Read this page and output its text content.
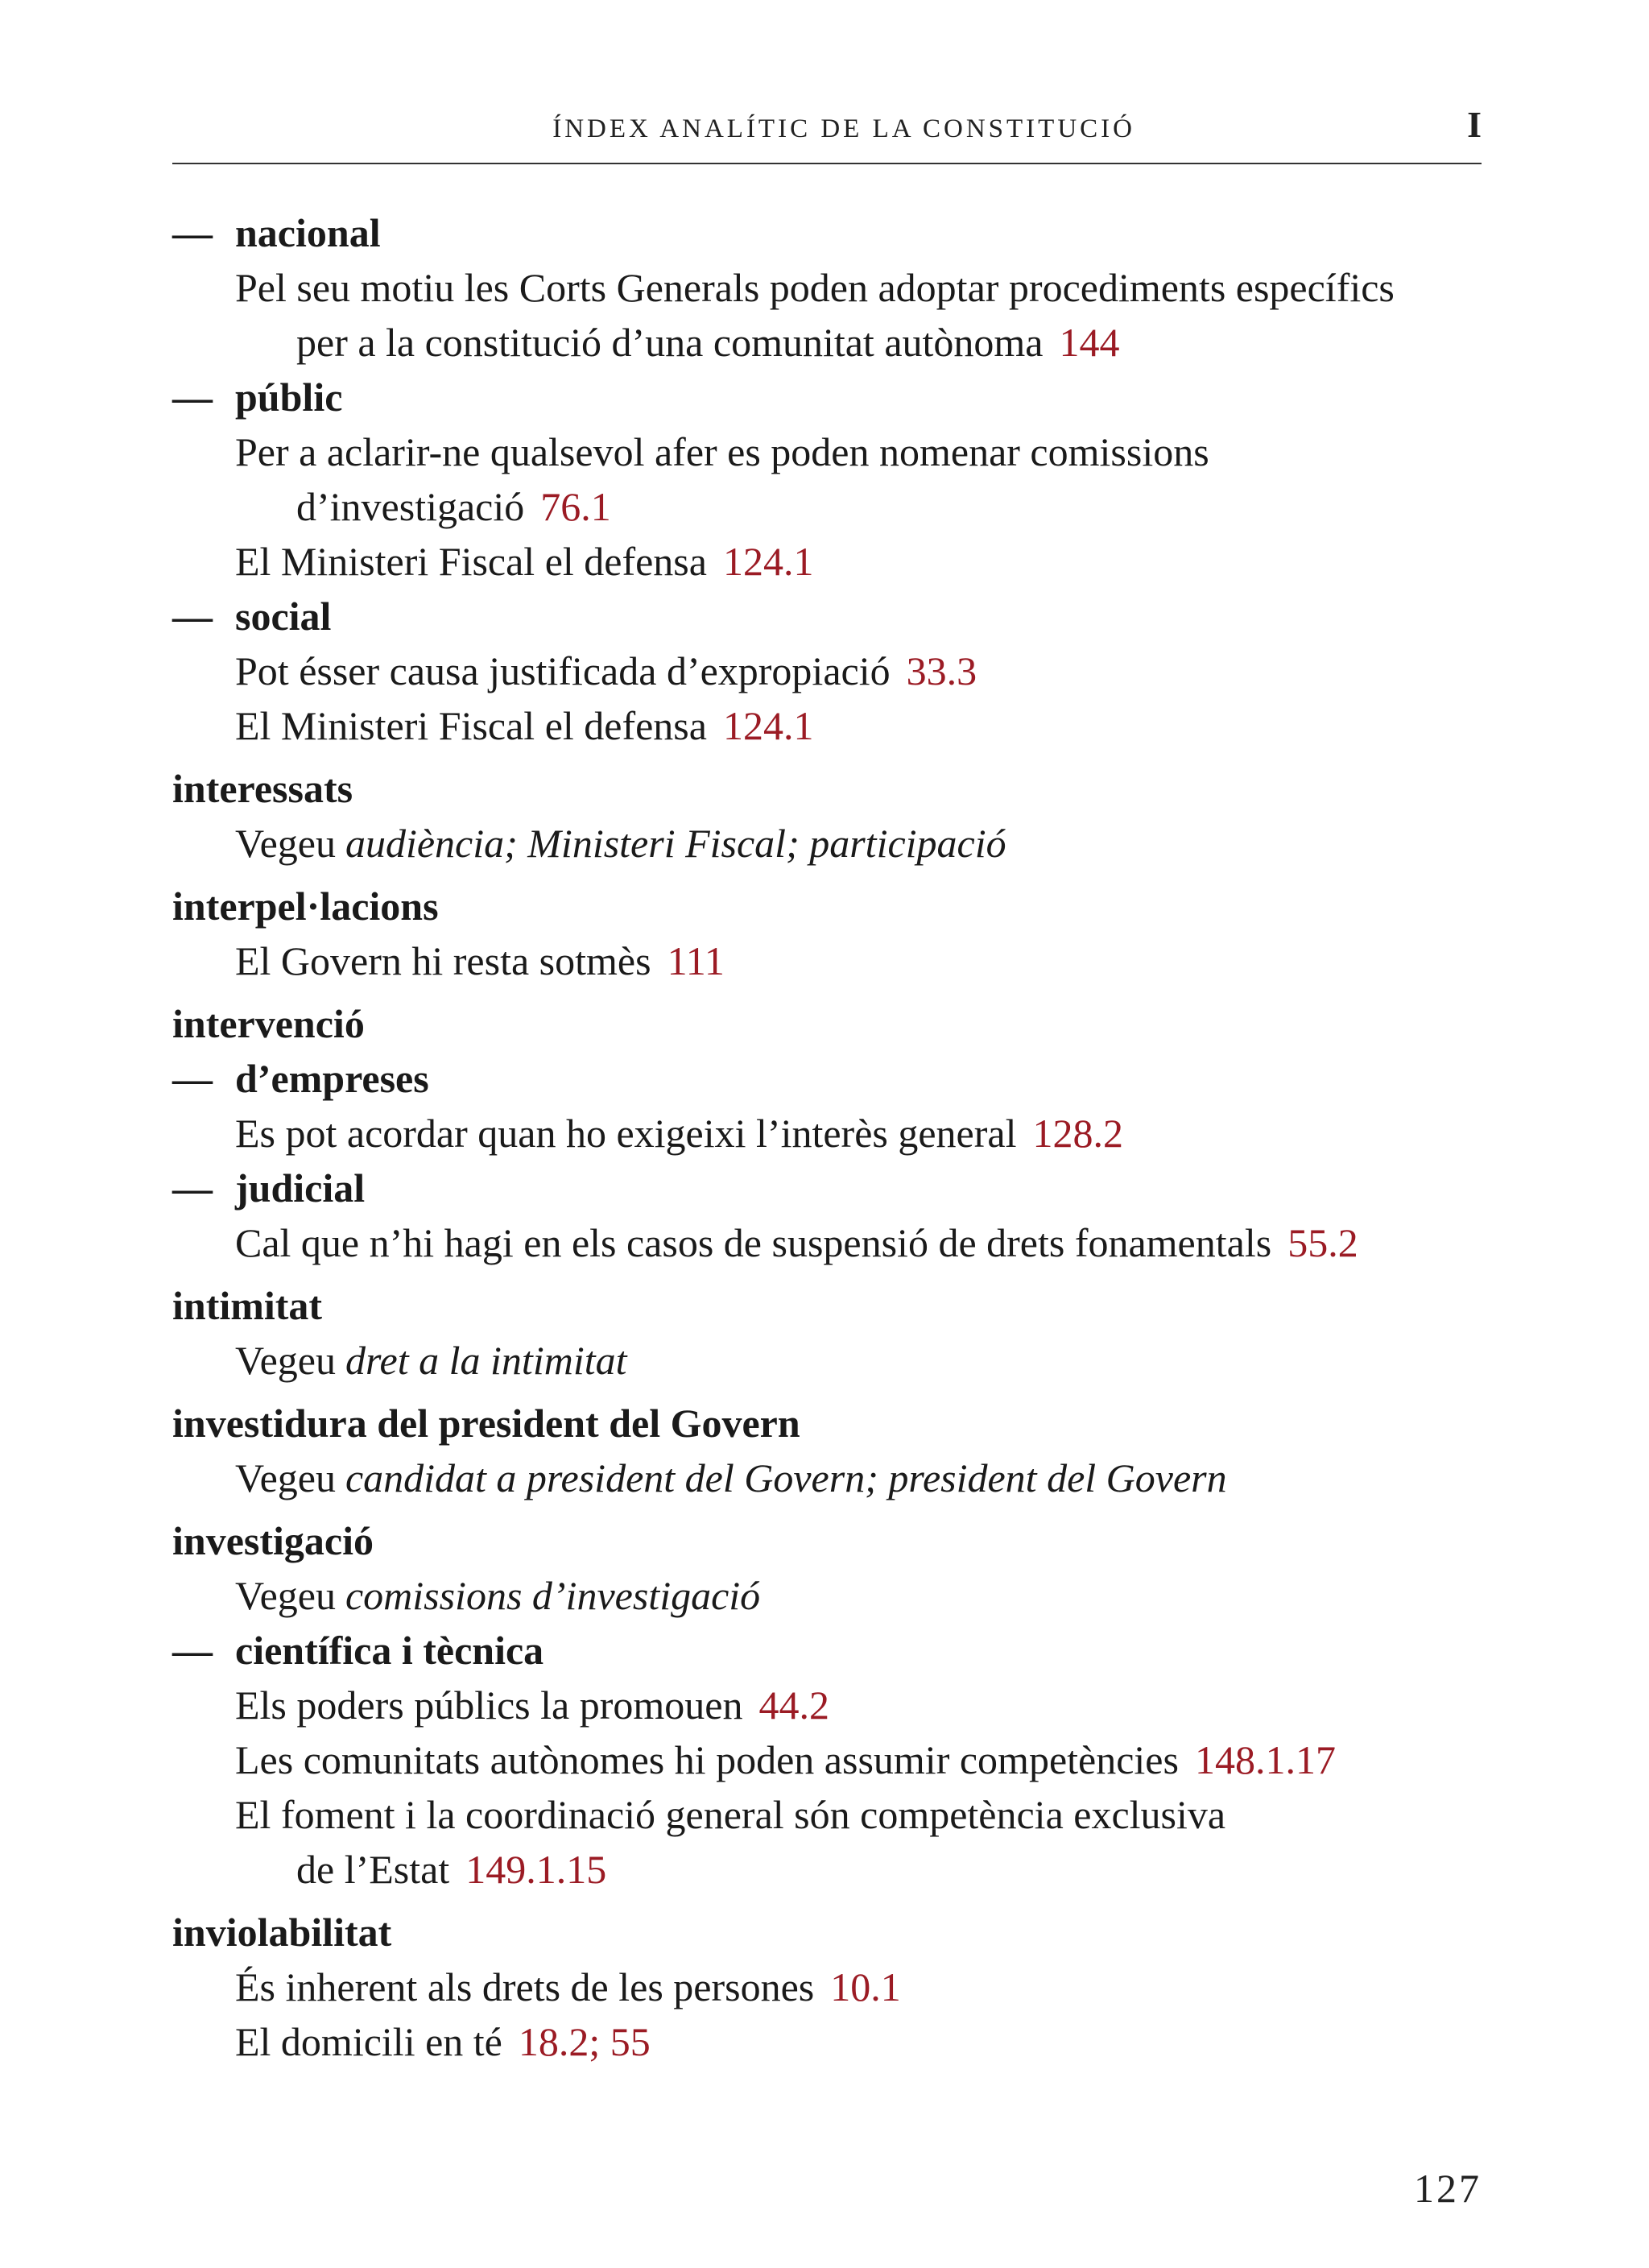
ÍNDEX ANALÍTIC DE LA CONSTITUCIÓ	I
— nacional
Pel seu motiu les Corts Generals poden adoptar procediments específics
per a la constitució d’una comunitat autònoma 144
— públic
Per a aclarir-ne qualsevol afer es poden nomenar comissions
d’investigació 76.1
El Ministeri Fiscal el defensa 124.1
— social
Pot ésser causa justificada d’expropiació 33.3
El Ministeri Fiscal el defensa 124.1
interessats
Vegeu audiència; Ministeri Fiscal; participació
interpel·lacions
El Govern hi resta sotmès 111
intervenció
— d’empreses
Es pot acordar quan ho exigeixi l’interès general 128.2
— judicial
Cal que n’hi hagi en els casos de suspensió de drets fonamentals 55.2
intimitat
Vegeu dret a la intimitat
investidura del president del Govern
Vegeu candidat a president del Govern; president del Govern
investigació
Vegeu comissions d’investigació
— científica i tècnica
Els poders públics la promouen 44.2
Les comunitats autònomes hi poden assumir competències 148.1.17
El foment i la coordinació general són competència exclusiva
de l’Estat 149.1.15
inviolabilitat
És inherent als drets de les persones 10.1
El domicili en té 18.2; 55
127
